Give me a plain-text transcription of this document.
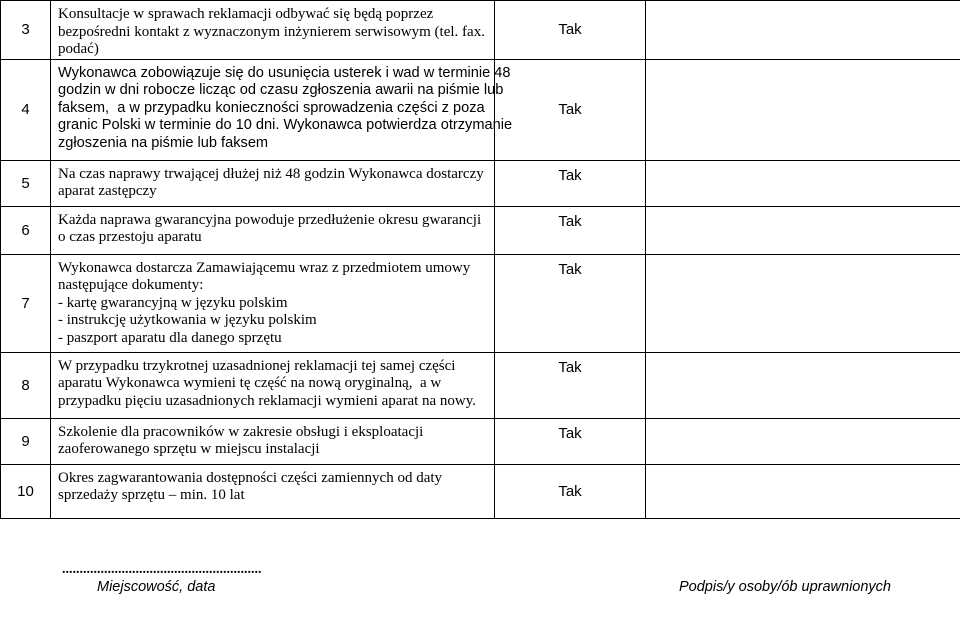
3	Konsultacje w sprawach reklamacji odbywać się będą poprzez
bezpośredni kontakt z wyznaczonym inżynierem serwisowym (tel. fax.
podać)	Tak	
4	Wykonawca zobowiązuje się do usunięcia usterek i wad w terminie 48
godzin w dni robocze licząc od czasu zgłoszenia awarii na piśmie lub
faksem,  a w przypadku konieczności sprowadzenia części z poza
granic Polski w terminie do 10 dni. Wykonawca potwierdza otrzymanie
zgłoszenia na piśmie lub faksem	Tak	
5	Na czas naprawy trwającej dłużej niż 48 godzin Wykonawca dostarczy
aparat zastępczy	Tak	
6	Każda naprawa gwarancyjna powoduje przedłużenie okresu gwarancji
o czas przestoju aparatu	Tak	
7	Wykonawca dostarcza Zamawiającemu wraz z przedmiotem umowy
następujące dokumenty:
- kartę gwarancyjną w języku polskim
- instrukcję użytkowania w języku polskim
- paszport aparatu dla danego sprzętu	Tak	
8	W przypadku trzykrotnej uzasadnionej reklamacji tej samej części
aparatu Wykonawca wymieni tę część na nową oryginalną,  a w
przypadku pięciu uzasadnionych reklamacji wymieni aparat na nowy.	Tak	
9	Szkolenie dla pracowników w zakresie obsługi i eksploatacji
zaoferowanego sprzętu w miejscu instalacji	Tak	
10	Okres zagwarantowania dostępności części zamiennych od daty
sprzedaży sprzętu – min. 10 lat	Tak	
.........................................................
Miejscowość, data	Podpis/y osoby/ób uprawnionych
